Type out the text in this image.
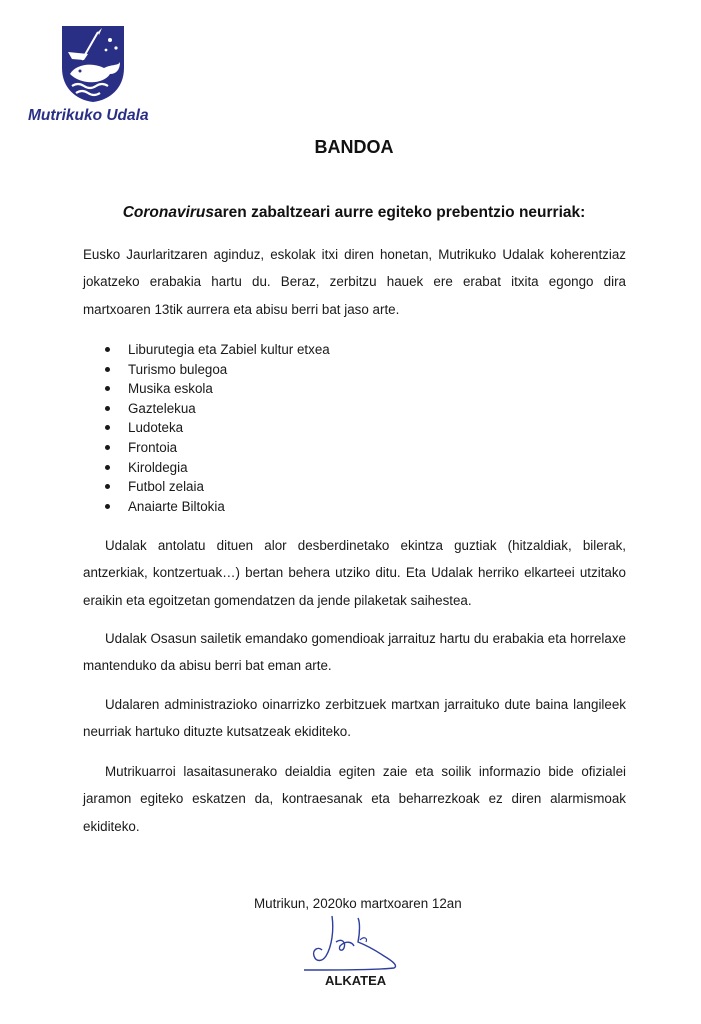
Mutrikuko Udala
BANDOA
Coronavirusaren zabaltzeari aurre egiteko prebentzio neurriak:

Eusko Jaurlaritzaren aginduz, eskolak itxi diren honetan, Mutrikuko Udalak koherentziaz jokatzeko erabakia hartu du. Beraz, zerbitzu hauek ere erabat itxita egongo dira martxoaren 13tik aurrera eta abisu berri bat jaso arte.

Liburutegia eta Zabiel kultur etxea
Turismo bulegoa
Musika eskola
Gaztelekua
Ludoteka
Frontoia
Kiroldegia
Futbol zelaia
Anaiarte Biltokia

Udalak antolatu dituen alor desberdinetako ekintza guztiak (hitzaldiak, bilerak, antzerkiak, kontzertuak…) bertan behera utziko ditu. Eta Udalak herriko elkarteei utzitako eraikin eta egoitzetan gomendatzen da jende pilaketak saihestea.

Udalak Osasun sailetik emandako gomendioak jarraituz hartu du erabakia eta horrelaxe mantenduko da abisu berri bat eman arte.

Udalaren administrazioko oinarrizko zerbitzuek martxan jarraituko dute baina langileek neurriak hartuko dituzte kutsatzeak ekiditeko.

Mutrikuarroi lasaitasunerako deialdia egiten zaie eta soilik informazio bide ofizialei jaramon egiteko eskatzen da, kontraesanak eta beharrezkoak ez diren alarmismoak ekiditeko.

Mutrikun, 2020ko martxoaren 12an
ALKATEA
